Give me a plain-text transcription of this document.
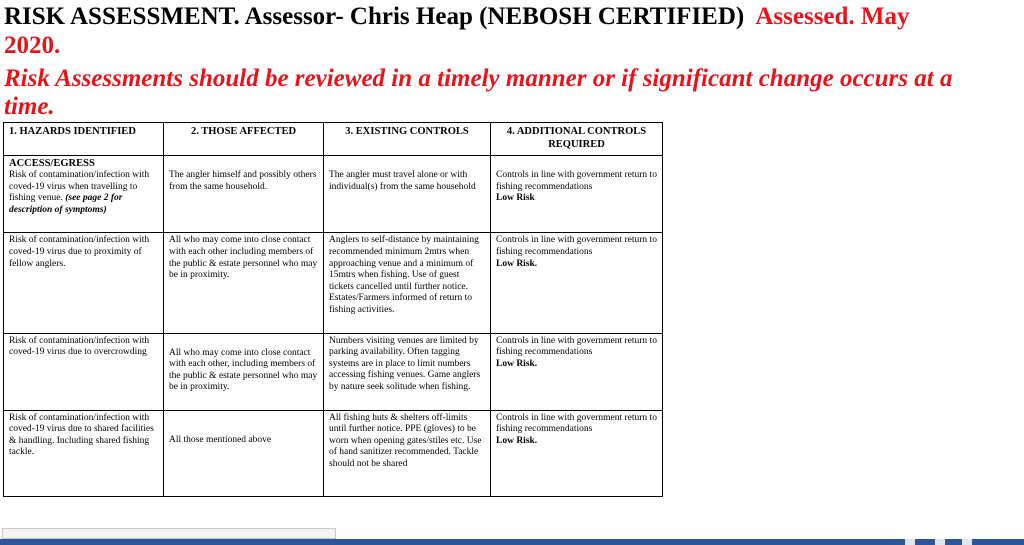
RISK ASSESSMENT. Assessor- Chris Heap (NEBOSH CERTIFIED) Assessed. May
2020.
Risk Assessments should be reviewed in a timely manner or if significant change occurs at a
time.
1. HAZARDS IDENTIFIED	2. THOSE AFFECTED	3. EXISTING CONTROLS	4. ADDITIONAL CONTROLS REQUIRED

ACCESS/EGRESS
Risk of contamination/infection with coved-19 virus when travelling to fishing venue. (see page 2 for description of symptoms)	The angler himself and possibly others from the same household.	The angler must travel alone or with individual(s) from the same household	Controls in line with government return to fishing recommendations
Low Risk

Risk of contamination/infection with coved-19 virus due to proximity of fellow anglers.	All who may come into close contact with each other including members of the public & estate personnel who may be in proximity.	Anglers to self-distance by maintaining recommended minimum 2mtrs when approaching venue and a minimum of 15mtrs when fishing. Use of guest tickets cancelled until further notice. Estates/Farmers informed of return to fishing activities.	Controls in line with government return to fishing recommendations
Low Risk.

Risk of contamination/infection with coved-19 virus due to overcrowding	All who may come into close contact with each other, including members of the public & estate personnel who may be in proximity.	Numbers visiting venues are limited by parking availability. Often tagging systems are in place to limit numbers accessing fishing venues. Game anglers by nature seek solitude when fishing.	Controls in line with government return to fishing recommendations
Low Risk.

Risk of contamination/infection with coved-19 virus due to shared facilities & handling. Including shared fishing tackle.	All those mentioned above	All fishing huts & shelters off-limits until further notice. PPE (gloves) to be worn when opening gates/stiles etc. Use of hand sanitizer recommended. Tackle should not be shared	Controls in line with government return to fishing recommendations
Low Risk.
